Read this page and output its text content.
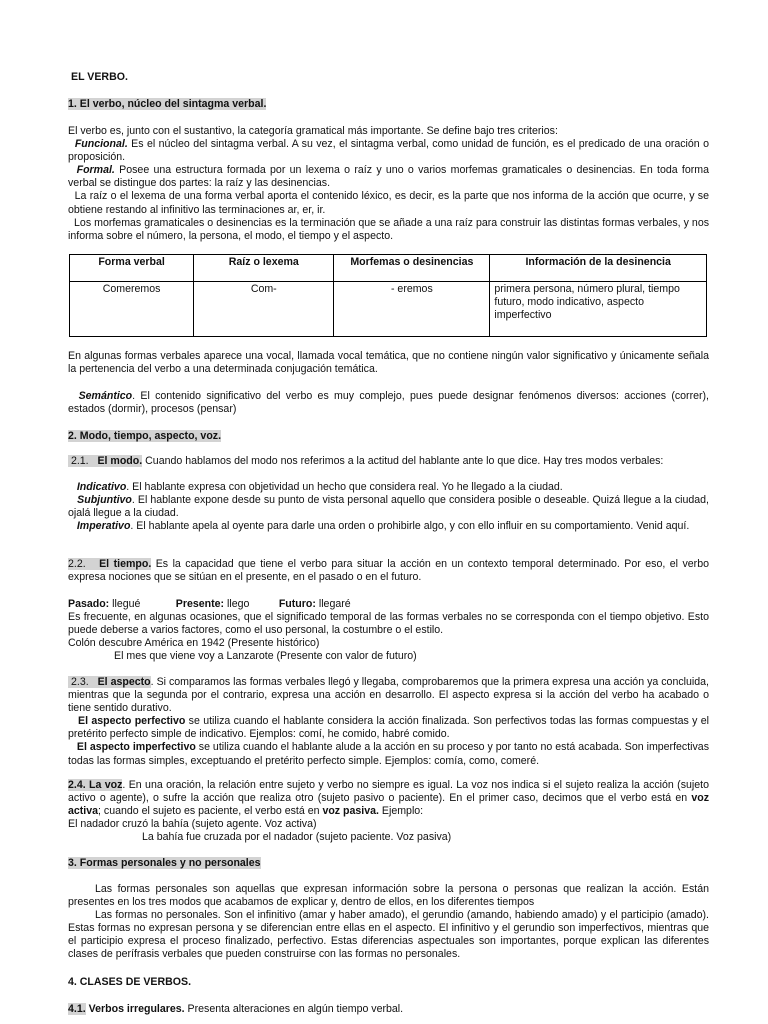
EL VERBO.

1. El verbo, núcleo del sintagma verbal.

El verbo es, junto con el sustantivo, la categoría gramatical más importante. Se define bajo tres criterios:
Funcional. Es el núcleo del sintagma verbal. A su vez, el sintagma verbal, como unidad de función, es el predicado de una oración o proposición.
Formal. Posee una estructura formada por un lexema o raíz y uno o varios morfemas gramaticales o desinencias. En toda forma verbal se distingue dos partes: la raíz y las desinencias.
La raíz o el lexema de una forma verbal aporta el contenido léxico, es decir, es la parte que nos informa de la acción que ocurre, y se obtiene restando al infinitivo las terminaciones ar, er, ir.
Los morfemas gramaticales o desinencias es la terminación que se añade a una raíz para construir las distintas formas verbales, y nos informa sobre el número, la persona, el modo, el tiempo y el aspecto.

Forma verbal	Raíz o lexema	Morfemas o desinencias	Información de la desinencia
Comeremos	Com-	- eremos	primera persona, número plural, tiempo futuro, modo indicativo, aspecto imperfectivo

En algunas formas verbales aparece una vocal, llamada vocal temática, que no contiene ningún valor significativo y únicamente señala la pertenencia del verbo a una determinada conjugación temática.

Semántico. El contenido significativo del verbo es muy complejo, pues puede designar fenómenos diversos: acciones (correr), estados (dormir), procesos (pensar)

2. Modo, tiempo, aspecto, voz.

2.1. El modo. Cuando hablamos del modo nos referimos a la actitud del hablante ante lo que dice. Hay tres modos verbales:

Indicativo. El hablante expresa con objetividad un hecho que considera real. Yo he llegado a la ciudad.
Subjuntivo. El hablante expone desde su punto de vista personal aquello que considera posible o deseable. Quizá llegue a la ciudad, ojalá llegue a la ciudad.
Imperativo. El hablante apela al oyente para darle una orden o prohibirle algo, y con ello influir en su comportamiento. Venid aquí.

2.2. El tiempo. Es la capacidad que tiene el verbo para situar la acción en un contexto temporal determinado. Por eso, el verbo expresa nociones que se sitúan en el presente, en el pasado o en el futuro.

Pasado: llegué	Presente: llego	Futuro: llegaré
Es frecuente, en algunas ocasiones, que el significado temporal de las formas verbales no se corresponda con el tiempo objetivo. Esto puede deberse a varios factores, como el uso personal, la costumbre o el estilo.
Colón descubre América en 1942 (Presente histórico)
El mes que viene voy a Lanzarote (Presente con valor de futuro)

2.3. El aspecto. Si comparamos las formas verbales llegó y llegaba, comprobaremos que la primera expresa una acción ya concluida, mientras que la segunda por el contrario, expresa una acción en desarrollo. El aspecto expresa si la acción del verbo ha acabado o tiene sentido durativo.
El aspecto perfectivo se utiliza cuando el hablante considera la acción finalizada. Son perfectivos todas las formas compuestas y el pretérito perfecto simple de indicativo. Ejemplos: comí, he comido, habré comido.
El aspecto imperfectivo se utiliza cuando el hablante alude a la acción en su proceso y por tanto no está acabada. Son imperfectivas todas las formas simples, exceptuando el pretérito perfecto simple. Ejemplos: comía, como, comeré.

2.4. La voz. En una oración, la relación entre sujeto y verbo no siempre es igual. La voz nos indica si el sujeto realiza la acción (sujeto activo o agente), o sufre la acción que realiza otro (sujeto pasivo o paciente). En el primer caso, decimos que el verbo está en voz activa; cuando el sujeto es paciente, el verbo está en voz pasiva. Ejemplo:
El nadador cruzó la bahía (sujeto agente. Voz activa)
La bahía fue cruzada por el nadador (sujeto paciente. Voz pasiva)

3. Formas personales y no personales

Las formas personales son aquellas que expresan información sobre la persona o personas que realizan la acción. Están presentes en los tres modos que acabamos de explicar y, dentro de ellos, en los diferentes tiempos
Las formas no personales. Son el infinitivo (amar y haber amado), el gerundio (amando, habiendo amado) y el participio (amado). Estas formas no expresan persona y se diferencian entre ellas en el aspecto. El infinitivo y el gerundio son imperfectivos, mientras que el participio expresa el proceso finalizado, perfectivo. Estas diferencias aspectuales son importantes, porque explican las diferentes clases de perífrasis verbales que pueden construirse con las formas no personales.

4. CLASES DE VERBOS.

4.1. Verbos irregulares. Presenta alteraciones en algún tiempo verbal.
